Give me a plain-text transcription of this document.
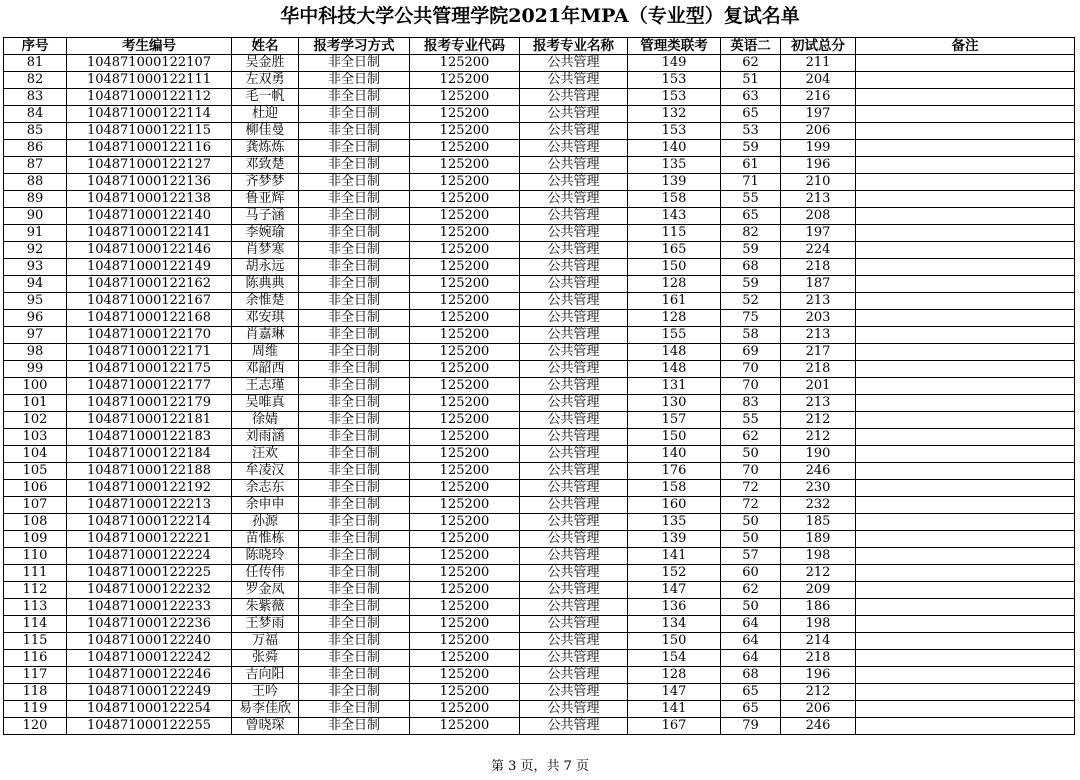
华中科技大学公共管理学院2021年MPA（专业型）复试名单
序号	考生编号	姓名	报考学习方式	报考专业代码	报考专业名称	管理类联考	英语二	初试总分	备注
81	104871000122107	吴金胜	非全日制	125200	公共管理	149	62	211	
82	104871000122111	左双勇	非全日制	125200	公共管理	153	51	204	
83	104871000122112	毛一帆	非全日制	125200	公共管理	153	63	216	
84	104871000122114	杜迎	非全日制	125200	公共管理	132	65	197	
85	104871000122115	柳佳曼	非全日制	125200	公共管理	153	53	206	
86	104871000122116	龚炼炼	非全日制	125200	公共管理	140	59	199	
87	104871000122127	邓致楚	非全日制	125200	公共管理	135	61	196	
88	104871000122136	齐梦梦	非全日制	125200	公共管理	139	71	210	
89	104871000122138	鲁亚辉	非全日制	125200	公共管理	158	55	213	
90	104871000122140	马子涵	非全日制	125200	公共管理	143	65	208	
91	104871000122141	李婉瑜	非全日制	125200	公共管理	115	82	197	
92	104871000122146	肖梦寒	非全日制	125200	公共管理	165	59	224	
93	104871000122149	胡永远	非全日制	125200	公共管理	150	68	218	
94	104871000122162	陈典典	非全日制	125200	公共管理	128	59	187	
95	104871000122167	余惟楚	非全日制	125200	公共管理	161	52	213	
96	104871000122168	邓安琪	非全日制	125200	公共管理	128	75	203	
97	104871000122170	肖嘉琳	非全日制	125200	公共管理	155	58	213	
98	104871000122171	周维	非全日制	125200	公共管理	148	69	217	
99	104871000122175	邓韶西	非全日制	125200	公共管理	148	70	218	
100	104871000122177	王志瑾	非全日制	125200	公共管理	131	70	201	
101	104871000122179	吴唯真	非全日制	125200	公共管理	130	83	213	
102	104871000122181	徐婧	非全日制	125200	公共管理	157	55	212	
103	104871000122183	刘雨涵	非全日制	125200	公共管理	150	62	212	
104	104871000122184	汪欢	非全日制	125200	公共管理	140	50	190	
105	104871000122188	牟凌汉	非全日制	125200	公共管理	176	70	246	
106	104871000122192	余志东	非全日制	125200	公共管理	158	72	230	
107	104871000122213	余申申	非全日制	125200	公共管理	160	72	232	
108	104871000122214	孙源	非全日制	125200	公共管理	135	50	185	
109	104871000122221	苗惟栋	非全日制	125200	公共管理	139	50	189	
110	104871000122224	陈晓玲	非全日制	125200	公共管理	141	57	198	
111	104871000122225	任传伟	非全日制	125200	公共管理	152	60	212	
112	104871000122232	罗金凤	非全日制	125200	公共管理	147	62	209	
113	104871000122233	朱紫薇	非全日制	125200	公共管理	136	50	186	
114	104871000122236	王梦雨	非全日制	125200	公共管理	134	64	198	
115	104871000122240	万福	非全日制	125200	公共管理	150	64	214	
116	104871000122242	张舜	非全日制	125200	公共管理	154	64	218	
117	104871000122246	吉向阳	非全日制	125200	公共管理	128	68	196	
118	104871000122249	王吟	非全日制	125200	公共管理	147	65	212	
119	104871000122254	易李佳欣	非全日制	125200	公共管理	141	65	206	
120	104871000122255	曾晓琛	非全日制	125200	公共管理	167	79	246	
第 3 页，共 7 页
